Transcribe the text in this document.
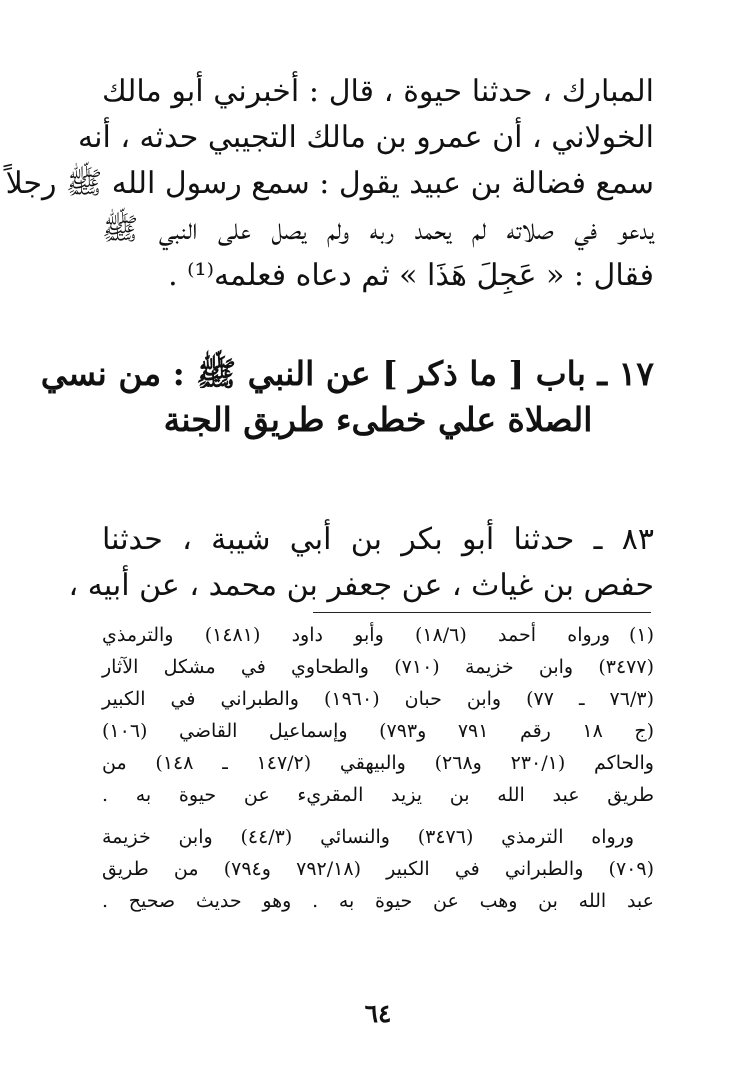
المبارك ، حدثنا حيوة ، قال : أخبرني أبو مالك
الخولاني ، أن عمرو بن مالك التجيبي حدثه ، أنه
سمع فضالة بن عبيد يقول : سمع رسول الله ﷺ رجلاً
يدعو في صلاته لم يحمد ربه ولم يصل على النبي ﷺ
فقال : « عَجِلَ هَذَا » ثم دعاه فعلمه⁽¹⁾ .
١٧ ـ باب [ ما ذكر ] عن النبي ﷺ : من نسي
الصلاة علي خطىء طريق الجنة
٨٣ ـ حدثنا أبو بكر بن أبي شيبة ، حدثنا
حفص بن غياث ، عن جعفر بن محمد ، عن أبيه ،
(١)ورواه أحمد (١٨/٦) وأبو داود (١٤٨١) والترمذي
(٣٤٧٧) وابن خزيمة (٧١٠) والطحاوي في مشكل الآثار
(٧٦/٣ ـ ٧٧) وابن حبان (١٩٦٠) والطبراني في الكبير
(ج ١٨ رقم ٧٩١ و٧٩٣) وإسماعيل القاضي (١٠٦)
والحاكم (٢٣٠/١ و٢٦٨) والبيهقي (١٤٧/٢ ـ ١٤٨) من
طريق عبد الله بن يزيد المقريء عن حيوة به .
ورواه الترمذي (٣٤٧٦) والنسائي (٤٤/٣) وابن خزيمة
(٧٠٩) والطبراني في الكبير (٧٩٢/١٨ و٧٩٤) من طريق
عبد الله بن وهب عن حيوة به . وهو حديث صحيح .
٦٤
